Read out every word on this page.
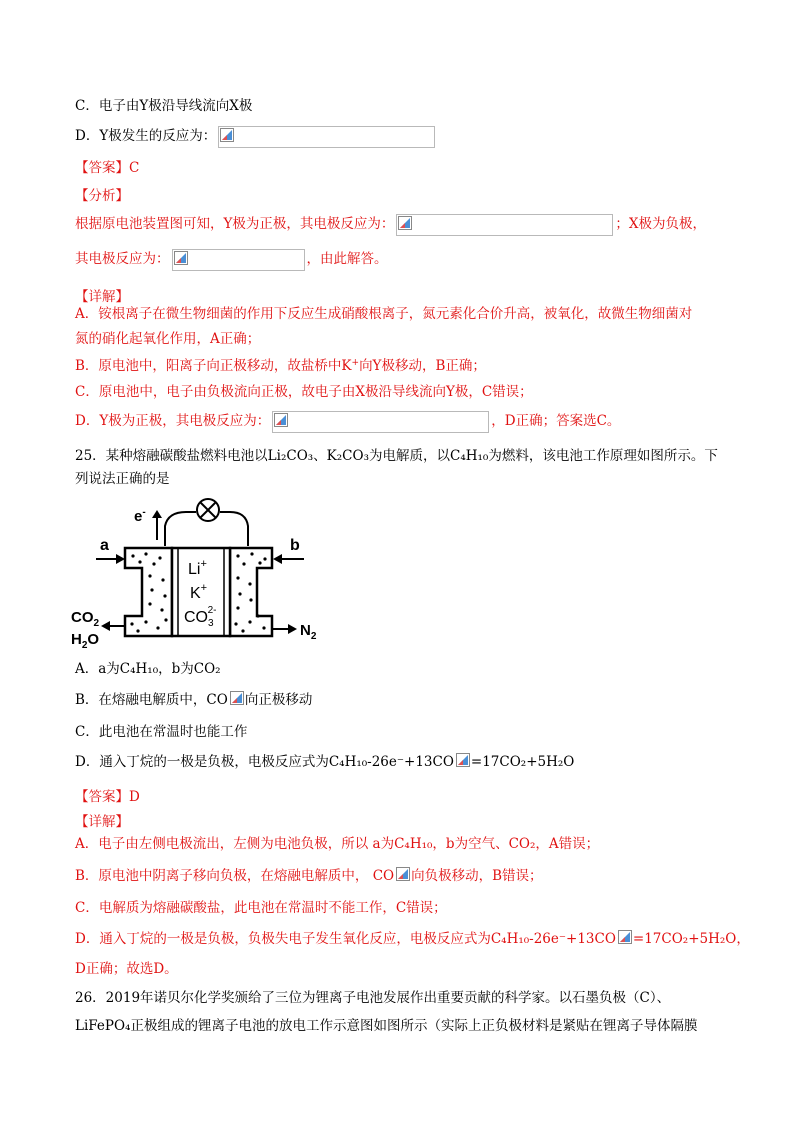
C．电子由Y极沿导线流向X极
D．Y极发生的反应为：
【答案】C
【分析】
根据原电池装置图可知，Y极为正极，其电极反应为：	；X极为负极，
其电极反应为：	，由此解答。
【详解】
A．铵根离子在微生物细菌的作用下反应生成硝酸根离子，氮元素化合价升高，被氧化，故微生物细菌对
氮的硝化起氧化作用，A正确；
B．原电池中，阳离子向正极移动，故盐桥中K+向Y极移动，B正确；
C．原电池中，电子由负极流向正极，故电子由X极沿导线流向Y极，C错误；
D．Y极为正极，其电极反应为：	，D正确；答案选C。
25．某种熔融碳酸盐燃料电池以Li₂CO₃、K₂CO₃为电解质，以C₄H₁₀为燃料，该电池工作原理如图所示。下
列说法正确的是
e-
Li+
K+
$CO_32-$
a	b
$CO_2$
$H_2O$
$N_2$
A．a为C₄H₁₀，b为CO₂
B．在熔融电解质中，CO 向正极移动
C．此电池在常温时也能工作
D．通入丁烷的一极是负极，电极反应式为C₄H₁₀-26e⁻+13CO =17CO₂+5H₂O
【答案】D
【详解】
A．电子由左侧电极流出，左侧为电池负极，所以 a为C₄H₁₀，b为空气、CO₂，A错误；
B．原电池中阴离子移向负极，在熔融电解质中， CO 向负极移动，B错误；
C．电解质为熔融碳酸盐，此电池在常温时不能工作，C错误；
D．通入丁烷的一极是负极，负极失电子发生氧化反应，电极反应式为C₄H₁₀-26e⁻+13CO =17CO₂+5H₂O，
D正确；故选D。
26．2019年诺贝尔化学奖颁给了三位为锂离子电池发展作出重要贡献的科学家。以石墨负极（C）、
LiFePO₄正极组成的锂离子电池的放电工作示意图如图所示（实际上正负极材料是紧贴在锂离子导体隔膜
